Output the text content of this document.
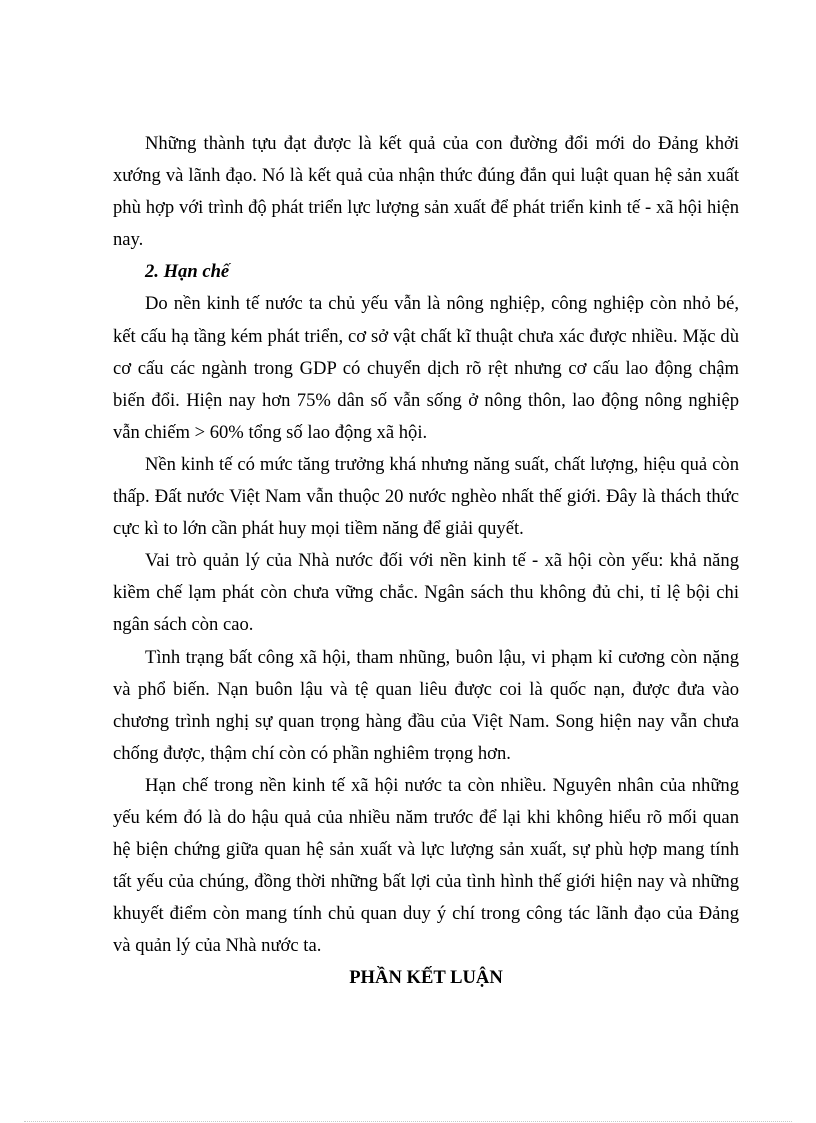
Những thành tựu đạt được là kết quả của con đường đổi mới do Đảng khởi xướng và lãnh đạo. Nó là kết quả của nhận thức đúng đắn qui luật quan hệ sản xuất phù hợp với trình độ phát triển lực lượng sản xuất để phát triển kinh tế - xã hội hiện nay.

2. Hạn chế

Do nền kinh tế nước ta chủ yếu vẫn là nông nghiệp, công nghiệp còn nhỏ bé, kết cấu hạ tầng kém phát triển, cơ sở vật chất kĩ thuật chưa xác được nhiều. Mặc dù cơ cấu các ngành trong GDP có chuyển dịch rõ rệt nhưng cơ cấu lao động chậm biến đổi. Hiện nay hơn 75% dân số vẫn sống ở nông thôn, lao động nông nghiệp vẫn chiếm > 60% tổng số lao động xã hội.

Nền kinh tế có mức tăng trưởng khá nhưng năng suất, chất lượng, hiệu quả còn thấp. Đất nước Việt Nam vẫn thuộc 20 nước nghèo nhất thế giới. Đây là thách thức cực kì to lớn cần phát huy mọi tiềm năng để giải quyết.

Vai trò quản lý của Nhà nước đối với nền kinh tế - xã hội còn yếu: khả năng kiềm chế lạm phát còn chưa vững chắc. Ngân sách thu không đủ chi, tỉ lệ bội chi ngân sách còn cao.

Tình trạng bất công xã hội, tham nhũng, buôn lậu, vi phạm kỉ cương còn nặng và phổ biến. Nạn buôn lậu và tệ quan liêu được coi là quốc nạn, được đưa vào chương trình nghị sự quan trọng hàng đầu của Việt Nam. Song hiện nay vẫn chưa chống được, thậm chí còn có phần nghiêm trọng hơn.

Hạn chế trong nền kinh tế xã hội nước ta còn nhiều. Nguyên nhân của những yếu kém đó là do hậu quả của nhiều năm trước để lại khi không hiểu rõ mối quan hệ biện chứng giữa quan hệ sản xuất và lực lượng sản xuất, sự phù hợp mang tính tất yếu của chúng, đồng thời những bất lợi của tình hình thế giới hiện nay và những khuyết điểm còn mang tính chủ quan duy ý chí trong công tác lãnh đạo của Đảng và quản lý của Nhà nước ta.

PHẦN KẾT LUẬN
